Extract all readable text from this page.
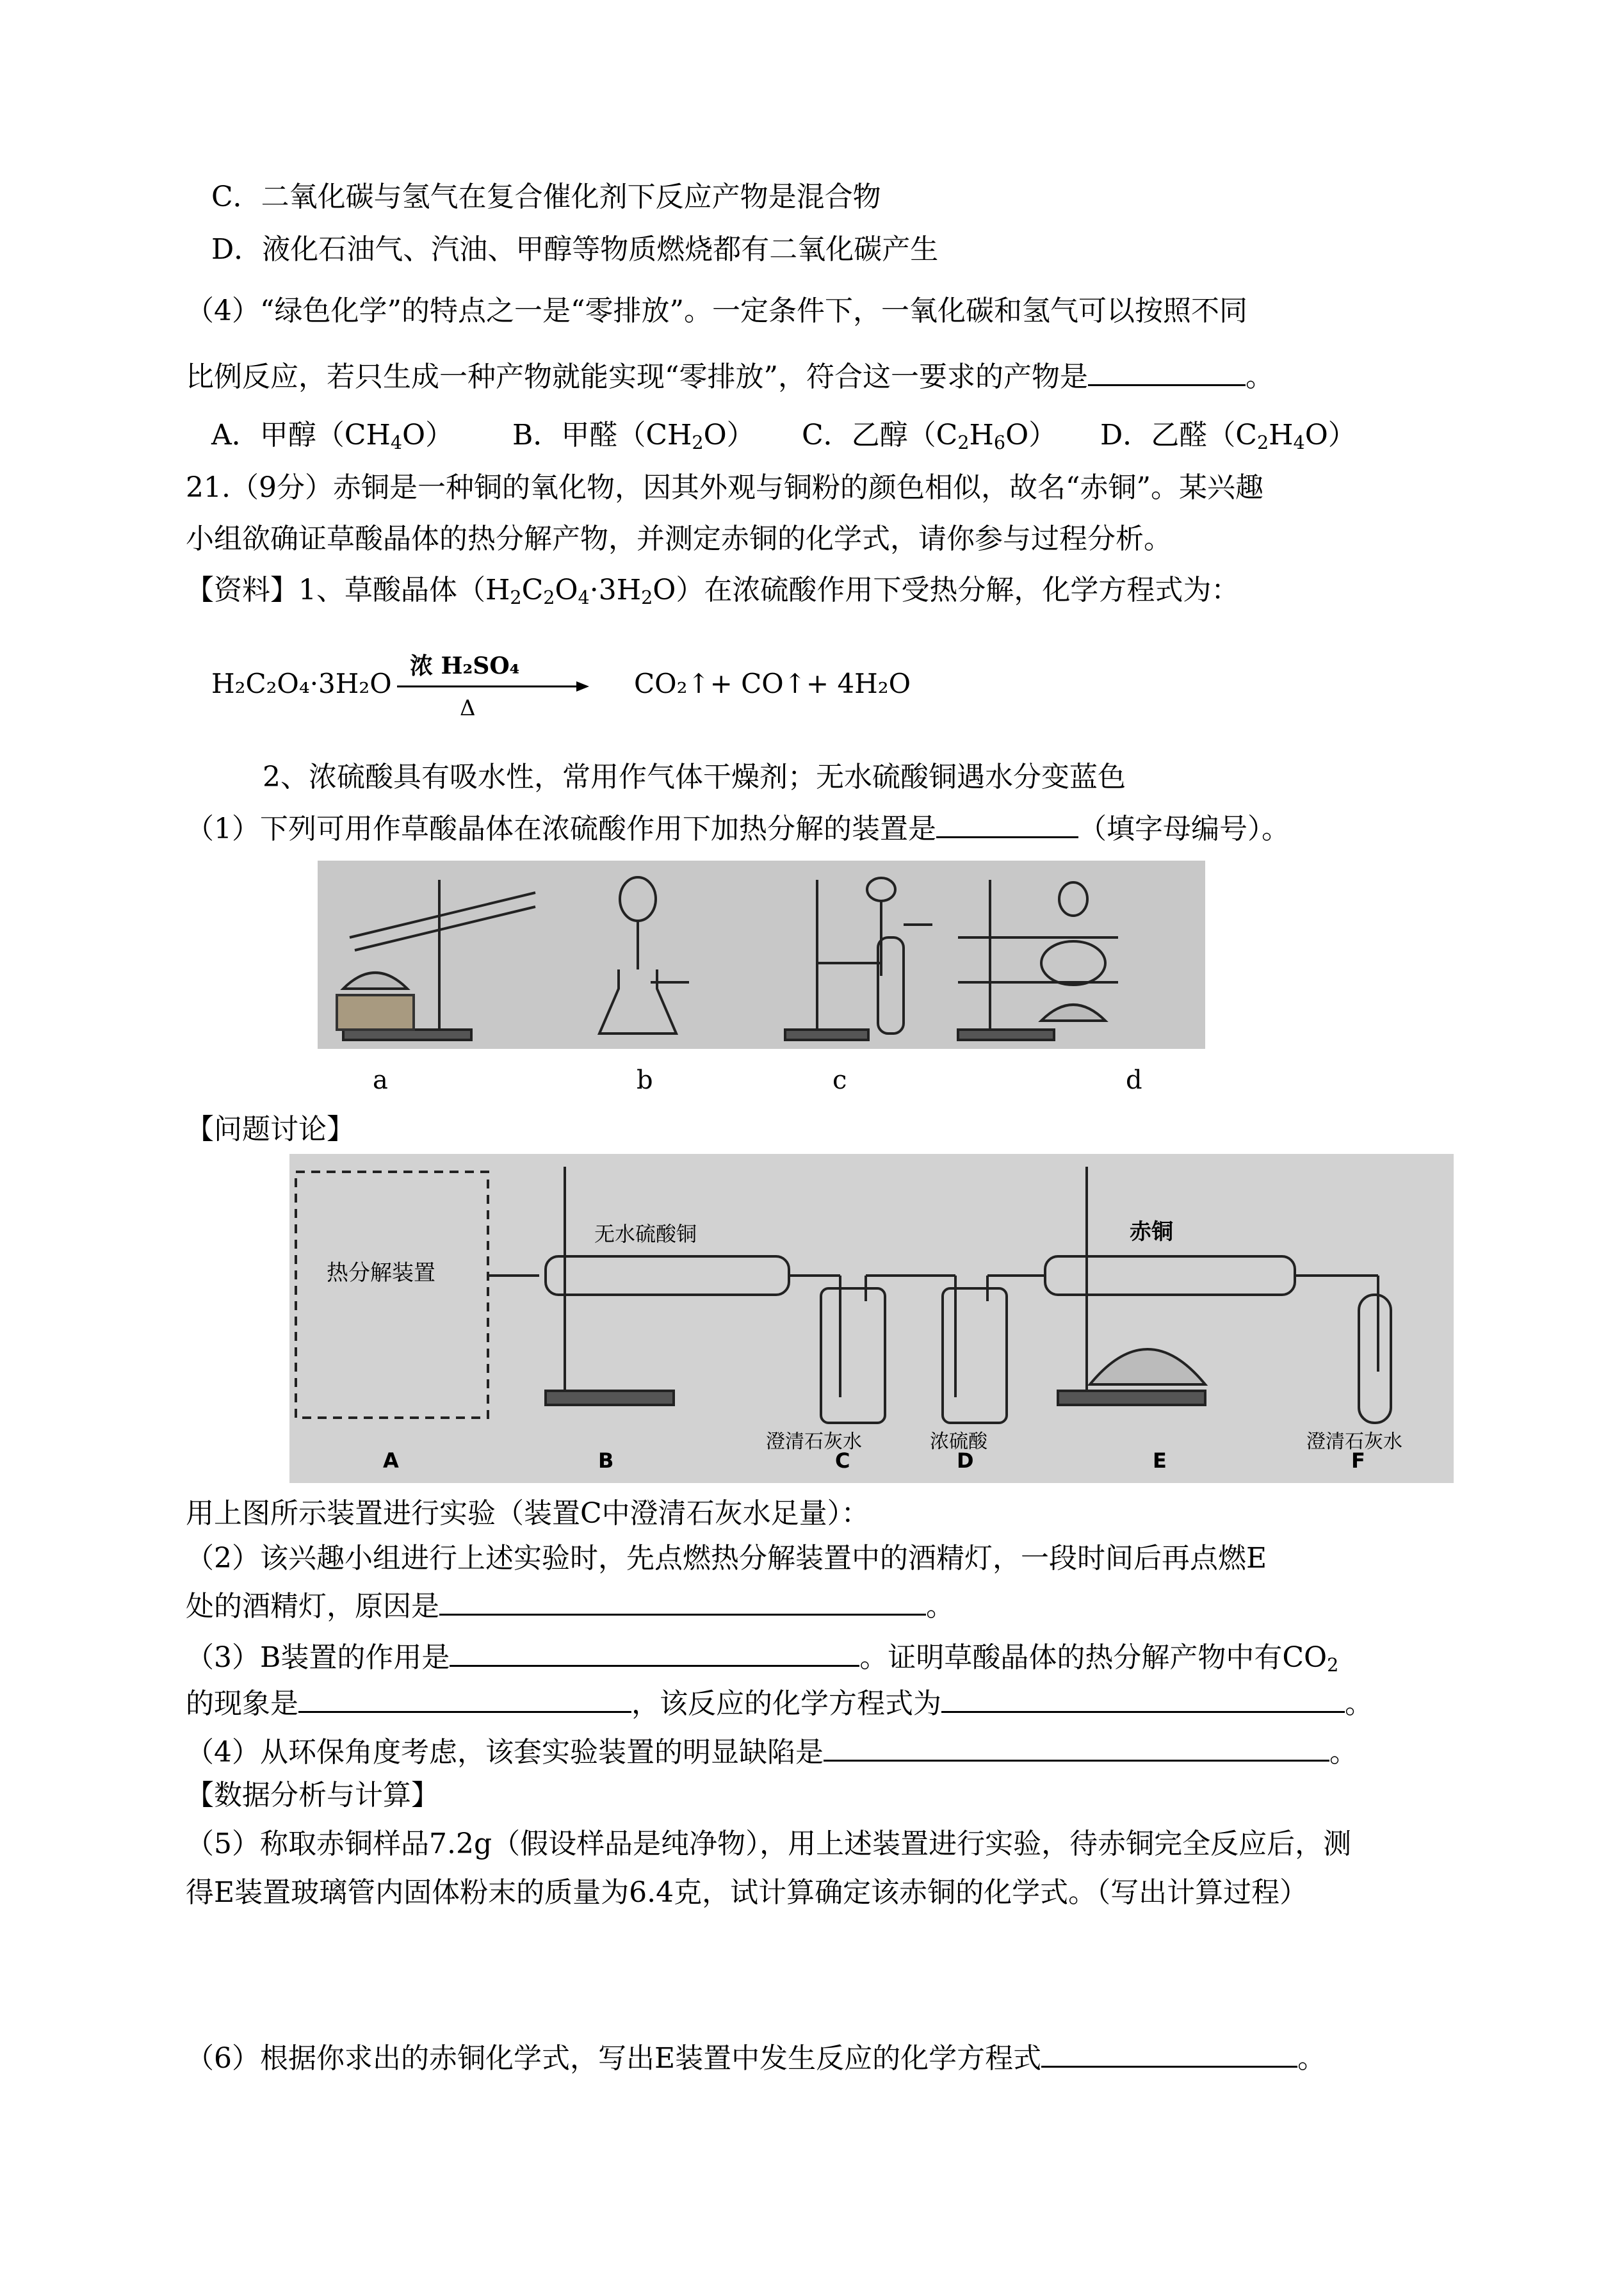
C．二氧化碳与氢气在复合催化剂下反应产物是混合物
D．液化石油气、汽油、甲醇等物质燃烧都有二氧化碳产生
（4）“绿色化学”的特点之一是“零排放”。一定条件下，一氧化碳和氢气可以按照不同
比例反应，若只生成一种产物就能实现“零排放”，符合这一要求的产物是	。
A．甲醇$(CH_4O)$ B．甲醛$(CH_2O)$ C．乙醇$(C_2H_6O)$ D．乙醛$(C_2H_4O)$
21.（9分）赤铜是一种铜的氧化物，因其外观与铜粉的颜色相似，故名“赤铜”。某兴趣
小组欲确证草酸晶体的热分解产物，并测定赤铜的化学式，请你参与过程分析。
【资料】1、草酸晶体$(H_2C_2O_4\cdot 3H_2O)$在浓硫酸作用下受热分解，化学方程式为：
H₂C₂O₄·3H₂O
浓 H₂SO₄
Δ
CO₂↑+ CO↑+ 4H₂O
2、浓硫酸具有吸水性，常用作气体干燥剂；无水硫酸铜遇水分变蓝色
（1）下列可用作草酸晶体在浓硫酸作用下加热分解的装置是	（填字母编号）。
a	b	c	d
【问题讨论】
热分解装置
无水硫酸铜	赤铜
澄清石灰水	浓硫酸	澄清石灰水
A	B	C	D	E	F
用上图所示装置进行实验（装置C中澄清石灰水足量）：
（2）该兴趣小组进行上述实验时，先点燃热分解装置中的酒精灯，一段时间后再点燃E
处的酒精灯，原因是	。
（3）B装置的作用是	。证明草酸晶体的热分解产物中有$CO_2$
的现象是	，该反应的化学方程式为	。
（4）从环保角度考虑，该套实验装置的明显缺陷是	。
【数据分析与计算】
（5）称取赤铜样品7.2g（假设样品是纯净物），用上述装置进行实验，待赤铜完全反应后，测
得E装置玻璃管内固体粉末的质量为6.4克，试计算确定该赤铜的化学式。（写出计算过程）
（6）根据你求出的赤铜化学式，写出E装置中发生反应的化学方程式	。
